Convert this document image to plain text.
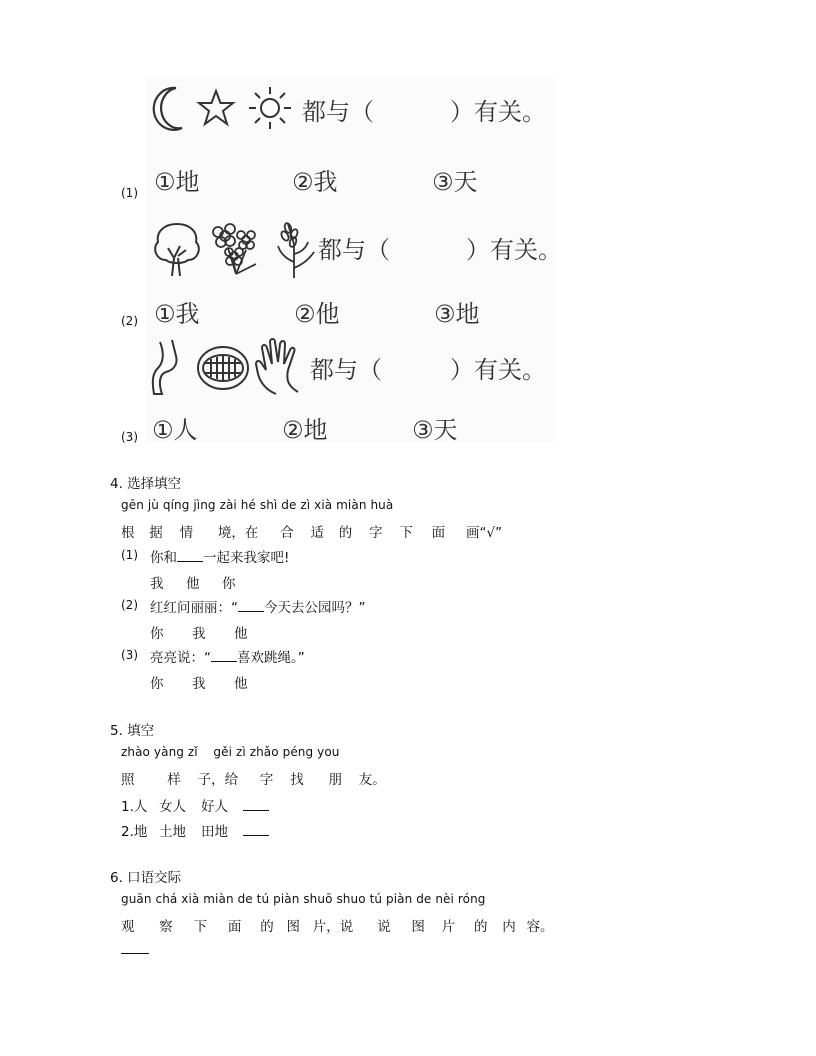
都与（	）有关。
①地	②我	③天
(1)
都与（	）有关。
①我	②他	③地
(2)
都与（	）有关。
①人	②地	③天
(3)
4. 选择填空
gēn jù qíng jìng zài hé shì de zì xià miàn huà
根 据 情 境，在 合 适 的 字 下 面 画“√”
(1) 你和 一起来我家吧!
我 他 你
(2) 红红问丽丽：“ 今天去公园吗？”
你 我 他
(3) 亮亮说：“ 喜欢跳绳。”
你 我 他
5. 填空
zhào yàng zǐ    gěi zì zhǎo péng you
照 样 子，给 字 找 朋 友。
1.人 女人 好人
2.地 土地 田地
6. 口语交际
guān chá xià miàn de tú piàn shuō shuo tú piàn de nèi róng
观 察 下 面 的 图 片，说 说 图 片 的 内 容。
